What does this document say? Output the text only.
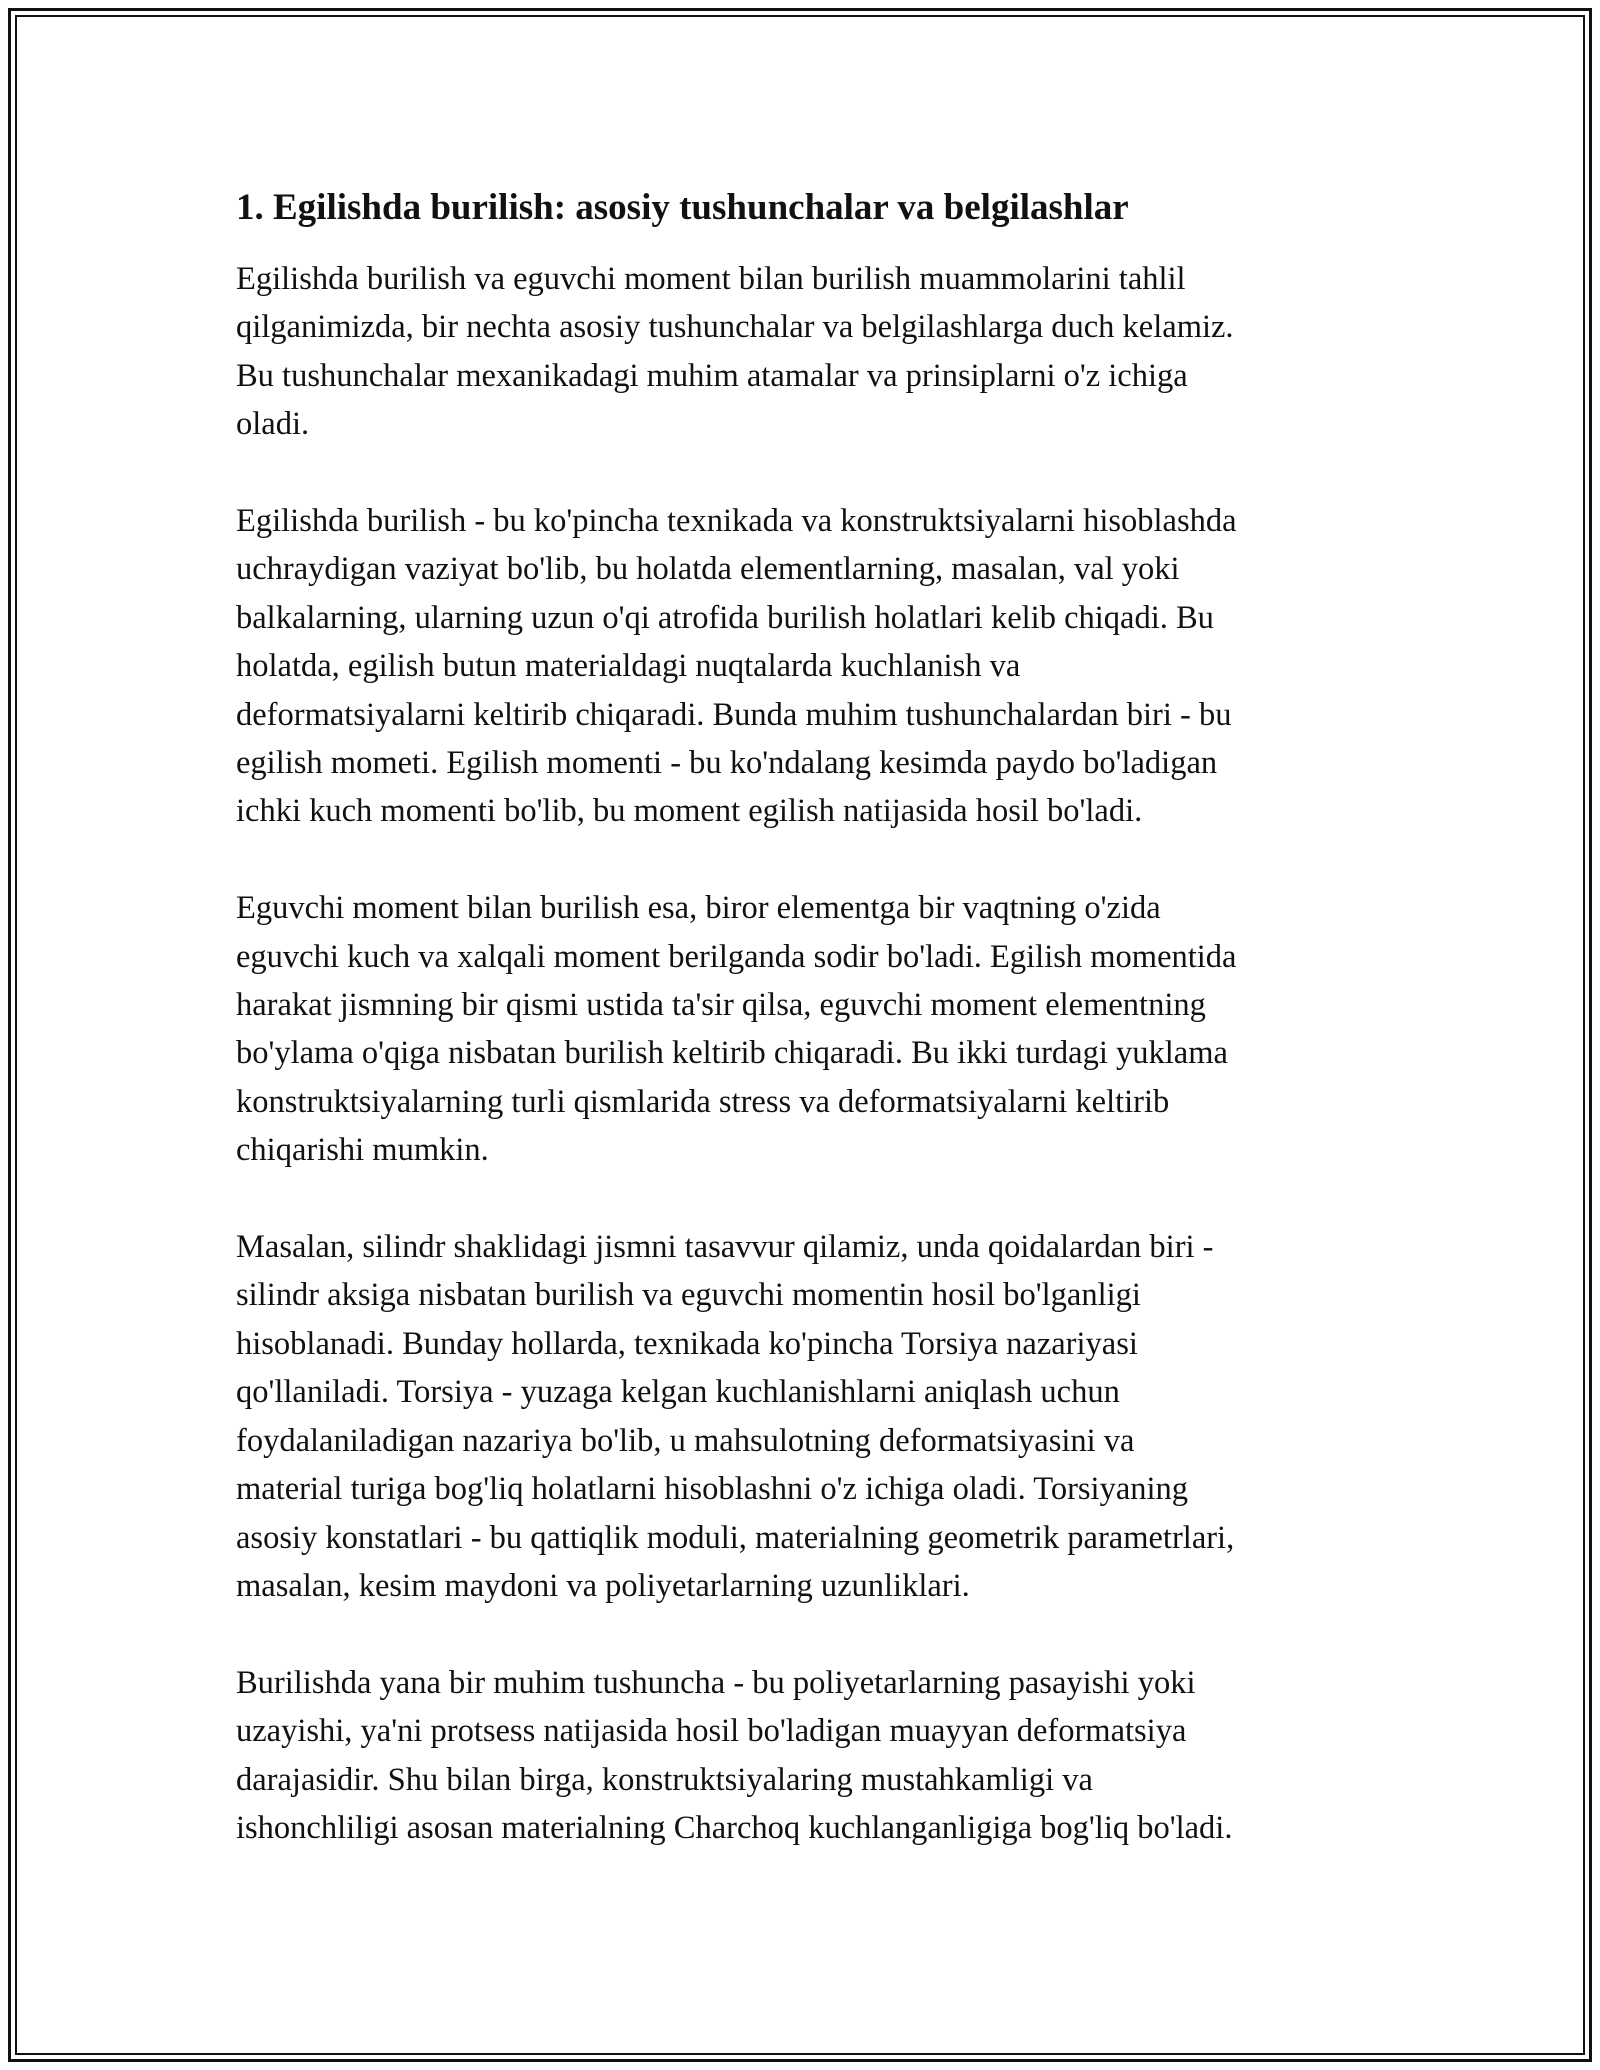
1. Egilishda burilish: asosiy tushunchalar va belgilashlar
Egilishda burilish va eguvchi moment bilan burilish muammolarini tahlil
qilganimizda, bir nechta asosiy tushunchalar va belgilashlarga duch kelamiz.
Bu tushunchalar mexanikadagi muhim atamalar va prinsiplarni o'z ichiga
oladi.
Egilishda burilish - bu ko'pincha texnikada va konstruktsiyalarni hisoblashda
uchraydigan vaziyat bo'lib, bu holatda elementlarning, masalan, val yoki
balkalarning, ularning uzun o'qi atrofida burilish holatlari kelib chiqadi. Bu
holatda, egilish butun materialdagi nuqtalarda kuchlanish va
deformatsiyalarni keltirib chiqaradi. Bunda muhim tushunchalardan biri - bu
egilish mometi. Egilish momenti - bu ko'ndalang kesimda paydo bo'ladigan
ichki kuch momenti bo'lib, bu moment egilish natijasida hosil bo'ladi.
Eguvchi moment bilan burilish esa, biror elementga bir vaqtning o'zida
eguvchi kuch va xalqali moment berilganda sodir bo'ladi. Egilish momentida
harakat jismning bir qismi ustida ta'sir qilsa, eguvchi moment elementning
bo'ylama o'qiga nisbatan burilish keltirib chiqaradi. Bu ikki turdagi yuklama
konstruktsiyalarning turli qismlarida stress va deformatsiyalarni keltirib
chiqarishi mumkin.
Masalan, silindr shaklidagi jismni tasavvur qilamiz, unda qoidalardan biri -
silindr aksiga nisbatan burilish va eguvchi momentin hosil bo'lganligi
hisoblanadi. Bunday hollarda, texnikada ko'pincha Torsiya nazariyasi
qo'llaniladi. Torsiya - yuzaga kelgan kuchlanishlarni aniqlash uchun
foydalaniladigan nazariya bo'lib, u mahsulotning deformatsiyasini va
material turiga bog'liq holatlarni hisoblashni o'z ichiga oladi. Torsiyaning
asosiy konstatlari - bu qattiqlik moduli, materialning geometrik parametrlari,
masalan, kesim maydoni va poliyetarlarning uzunliklari.
Burilishda yana bir muhim tushuncha - bu poliyetarlarning pasayishi yoki
uzayishi, ya'ni protsess natijasida hosil bo'ladigan muayyan deformatsiya
darajasidir. Shu bilan birga, konstruktsiyalaring mustahkamligi va
ishonchliligi asosan materialning Charchoq kuchlanganligiga bog'liq bo'ladi.
